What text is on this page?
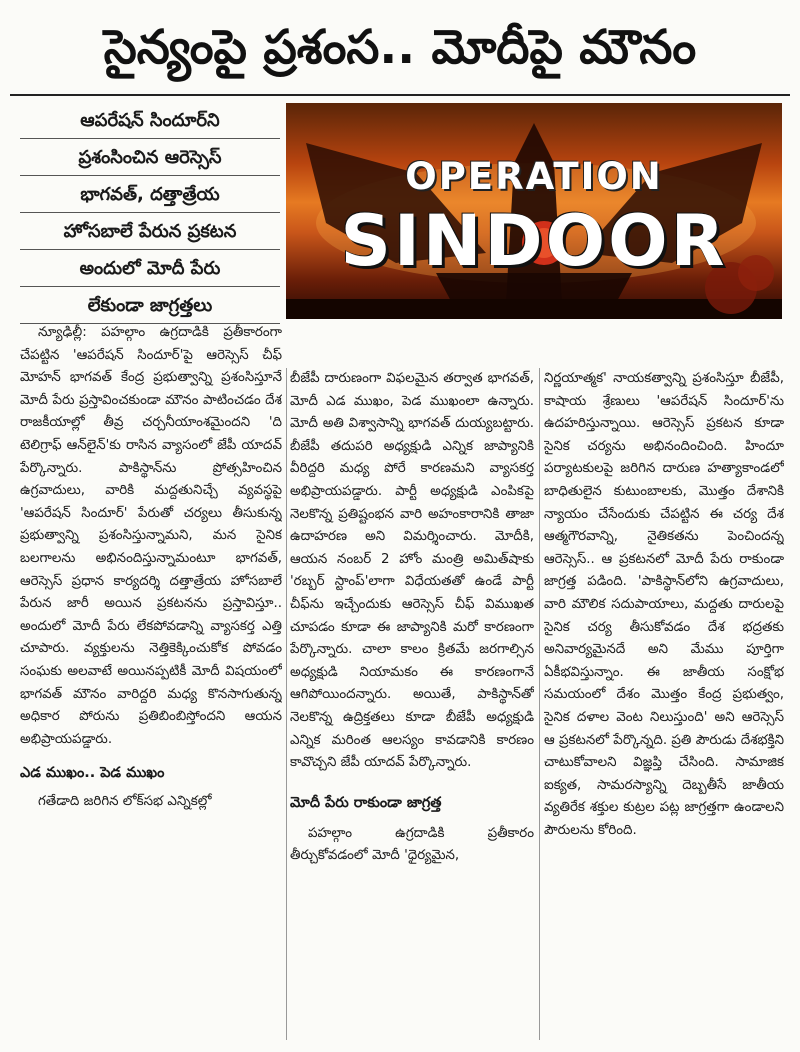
సైన్యంపై ప్రశంస.. మోదీపై మౌనం
ఆపరేషన్ సిందూర్‌ని
ప్రశంసించిన ఆరెస్సెస్
భాగవత్, దత్తాత్రేయ
హోసబాలే పేరున ప్రకటన
అందులో మోదీ పేరు
లేకుండా జాగ్రత్తలు
OPERATION
SINDOOR

న్యూఢిల్లీ: పహల్గాం ఉగ్రదాడికి ప్రతీకారంగా చేపట్టిన 'ఆపరేషన్ సిందూర్'పై ఆరెస్సెస్ చీఫ్ మోహన్ భాగవత్ కేంద్ర ప్రభుత్వాన్ని ప్రశంసిస్తూనే మోదీ పేరు ప్రస్తావించకుండా మౌనం పాటించడం దేశ రాజకీయాల్లో తీవ్ర చర్చనీయాంశమైందని 'ది టెలిగ్రాఫ్ ఆన్‌లైన్'కు రాసిన వ్యాసంలో జేపీ యాదవ్ పేర్కొన్నారు. పాకిస్థాన్‌ను ప్రోత్సహించిన ఉగ్రవాదులు, వారికి మద్దతునిచ్చే వ్యవస్థపై 'ఆపరేషన్ సిందూర్' పేరుతో చర్యలు తీసుకున్న ప్రభుత్వాన్ని ప్రశంసిస్తున్నామని, మన సైనిక బలగాలను అభినందిస్తున్నామంటూ భాగవత్, ఆరెస్సెస్ ప్రధాన కార్యదర్శి దత్తాత్రేయ హోసబాలే పేరున జారీ అయిన ప్రకటనను ప్రస్తావిస్తూ.. అందులో మోదీ పేరు లేకపోవడాన్ని వ్యాసకర్త ఎత్తి చూపారు. వ్యక్తులను నెత్తికెక్కించుకోక పోవడం సంఘకు అలవాటే అయినప్పటికీ మోదీ విషయంలో భాగవత్ మౌనం వారిద్దరి మధ్య కొనసాగుతున్న అధికార పోరును ప్రతిబింబిస్తోందని ఆయన అభిప్రాయపడ్డారు.

ఎడ ముఖం.. పెడ ముఖం

గతేడాది జరిగిన లోక్‌సభ ఎన్నికల్లో

బీజేపీ దారుణంగా విఫలమైన తర్వాత భాగవత్, మోదీ ఎడ ముఖం, పెడ ముఖంలా ఉన్నారు. మోదీ అతి విశ్వాసాన్ని భాగవత్ దుయ్యబట్టారు. బీజేపీ తదుపరి అధ్యక్షుడి ఎన్నిక జాప్యానికి వీరిద్దరి మధ్య పోరే కారణమని వ్యాసకర్త అభిప్రాయపడ్డారు. పార్టీ అధ్యక్షుడి ఎంపికపై నెలకొన్న ప్రతిష్టంభన వారి అహంకారానికి తాజా ఉదాహరణ అని విమర్శించారు. మోదీకి, ఆయన నంబర్ 2 హోం మంత్రి అమిత్‌షాకు 'రబ్బర్ స్టాంప్'లాగా విధేయతతో ఉండే పార్టీ చీఫ్‌ను ఇచ్చేందుకు ఆరెస్సెస్ చీఫ్ విముఖత చూపడం కూడా ఈ జాప్యానికి మరో కారణంగా పేర్కొన్నారు. చాలా కాలం క్రితమే జరగాల్సిన అధ్యక్షుడి నియామకం ఈ కారణంగానే ఆగిపోయిందన్నారు. అయితే, పాకిస్థాన్‌తో నెలకొన్న ఉద్రిక్తతలు కూడా బీజేపీ అధ్యక్షుడి ఎన్నిక మరింత ఆలస్యం కావడానికి కారణం కావొచ్చని జేపీ యాదవ్ పేర్కొన్నారు.

మోదీ పేరు రాకుండా జాగ్రత్త

పహల్గాం ఉగ్రదాడికి ప్రతీకారం తీర్చుకోవడంలో మోదీ 'ధైర్యమైన,

నిర్ణయాత్మక' నాయకత్వాన్ని ప్రశంసిస్తూ బీజేపీ, కాషాయ శ్రేణులు 'ఆపరేషన్ సిందూర్'ను ఉదహరిస్తున్నాయి. ఆరెస్సెస్ ప్రకటన కూడా సైనిక చర్యను అభినందించింది. హిందూ పర్యాటకులపై జరిగిన దారుణ హత్యాకాండలో బాధితులైన కుటుంబాలకు, మొత్తం దేశానికి న్యాయం చేసేందుకు చేపట్టిన ఈ చర్య దేశ ఆత్మగౌరవాన్ని, నైతికతను పెంచిందన్న ఆరెస్సెస్.. ఆ ప్రకటనలో మోదీ పేరు రాకుండా జాగ్రత్త పడింది. 'పాకిస్థాన్‌లోని ఉగ్రవాదులు, వారి మౌలిక సదుపాయాలు, మద్దతు దారులపై సైనిక చర్య తీసుకోవడం దేశ భద్రతకు అనివార్యమైనదే అని మేము పూర్తిగా ఏకీభవిస్తున్నాం. ఈ జాతీయ సంక్షోభ సమయంలో దేశం మొత్తం కేంద్ర ప్రభుత్వం, సైనిక దళాల వెంట నిలుస్తుంది' అని ఆరెస్సెస్ ఆ ప్రకటనలో పేర్కొన్నది. ప్రతి పౌరుడు దేశభక్తిని చాటుకోవాలని విజ్ఞప్తి చేసింది. సామాజిక ఐక్యత, సామరస్యాన్ని దెబ్బతీసే జాతీయ వ్యతిరేక శక్తుల కుట్రల పట్ల జాగ్రత్తగా ఉండాలని పౌరులను కోరింది.
